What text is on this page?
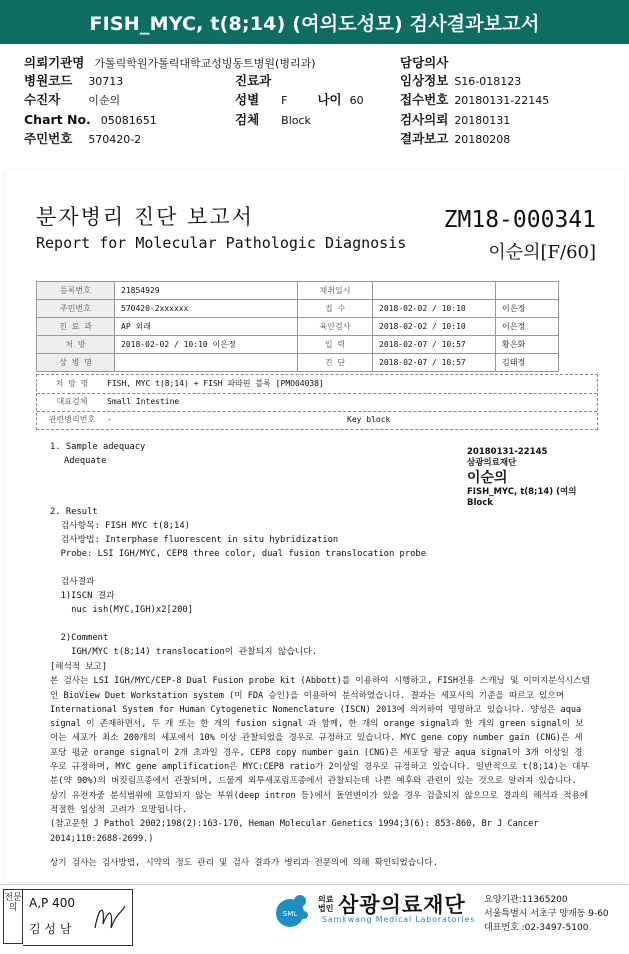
FISH_MYC, t(8;14) (여의도성모) 검사결과보고서
의뢰기관명 가톨릭학원가톨릭대학교성빙동트병원(병리과)	담당의사
병원코드 30713	진료과	임상정보 S16-018123
수진자	이순의	성별 F 나이 60	접수번호 20180131-22145
Chart No. 05081651	검체 Block	검사의뢰 20180131
주민번호 570420-2	결과보고 20180208
분자병리 진단 보고서
Report for Molecular Pathologic Diagnosis
ZM18-000341
이순의[F/60]
등록번호	21854929	채취일시		
주민번호	570420-2xxxxxx	접 수	2018-02-02 / 10:10	이은정
진 료 과	AP 외래	육안검사	2018-02-02 / 10:10	이은정
처 방	2018-02-02 / 10:10 이은정	입 력	2018-02-07 / 10:57	황은화
상 병 명		진 단	2018-02-07 / 10:57	김태정
처 방 명 FISH, MYC t(8;14) + FISH 파라핀 블록 [PMO04038]
대표검체 Small Intestine
관련병리번호 -	Key block
1. Sample adequacy
Adequate
20180131-22145
삼광의료재단
이순의
FISH_MYC, t(8;14) (여의
Block
2. Result
검사항목: FISH MYC t(8;14)
검사방법: Interphase fluorescent in situ hybridization
Probe: LSI IGH/MYC, CEP8 three color, dual fusion translocation probe

검사결과
1)ISCN 결과
nuc ish(MYC,IGH)x2[200]

2)Comment
IGH/MYC t(8;14) translocation이 관찰되지 않습니다.
[해석적 보고]
본 검사는 LSI IGH/MYC/CEP-8 Dual Fusion probe kit (Abbott)를 이용하여 시행하고, FISH전용 스캐닝 및 이미지분석시스템인 BioView Duet Workstation system (미 FDA 승인)을 이용하여 분석하였습니다. 결과는 세포사의 기준을 따르고 있으며 International System for Human Cytogenetic Nomenclature (ISCN) 2013에 의거하여 명명하고 있습니다. 양성은 aqua signal 이 존재하면서, 두 개 또는 한 개의 fusion signal 과 함께, 한 개의 orange signal과 한 개의 green signal이 보이는 세포가 최소 200개의 세포에서 10% 이상 관찰되었을 경우로 규정하고 있습니다. MYC gene copy number gain (CNG)은 세포당 평균 orange signal이 2개 초과일 경우, CEP8 copy number gain (CNG)은 세포당 평균 aqua signal이 3개 이상일 경우로 규정하며, MYC gene amplification은 MYC:CEP8 ratio가 2이상일 경우로 규정하고 있습니다. 일반적으로 t(8;14)는 대부분(약 90%)의 버킷림프종에서 관찰되며, 드물게 외투세포림프종에서 관찰되는데 나쁜 예후와 관련이 있는 것으로 알려져 있습니다. 상기 유전자중 분석범위에 포함되지 않는 부위(deep intron 등)에서 돌연변이가 있을 경우 검출되지 않으므로 결과의 해석과 적용에 적절한 임상적 고려가 요망됩니다.
(참고문헌 J Pathol 2002;198(2):163-170, Heman Molecular Genetics 1994;3(6): 853-860, Br J Cancer 2014;110:2688-2699.)
상기 검사는 검사방법, 시약의 정도 관리 및 검사 결과가 병리과 전문의에 의해 확인되었습니다.
전문의 A,P 400
김 성 남
SML
의료
법인 삼광의료재단
Samkwang Medical Laboratories
요양기관:11365200
서울특별시 서초구 양재동 9-60
대표번호 :02-3497-5100
